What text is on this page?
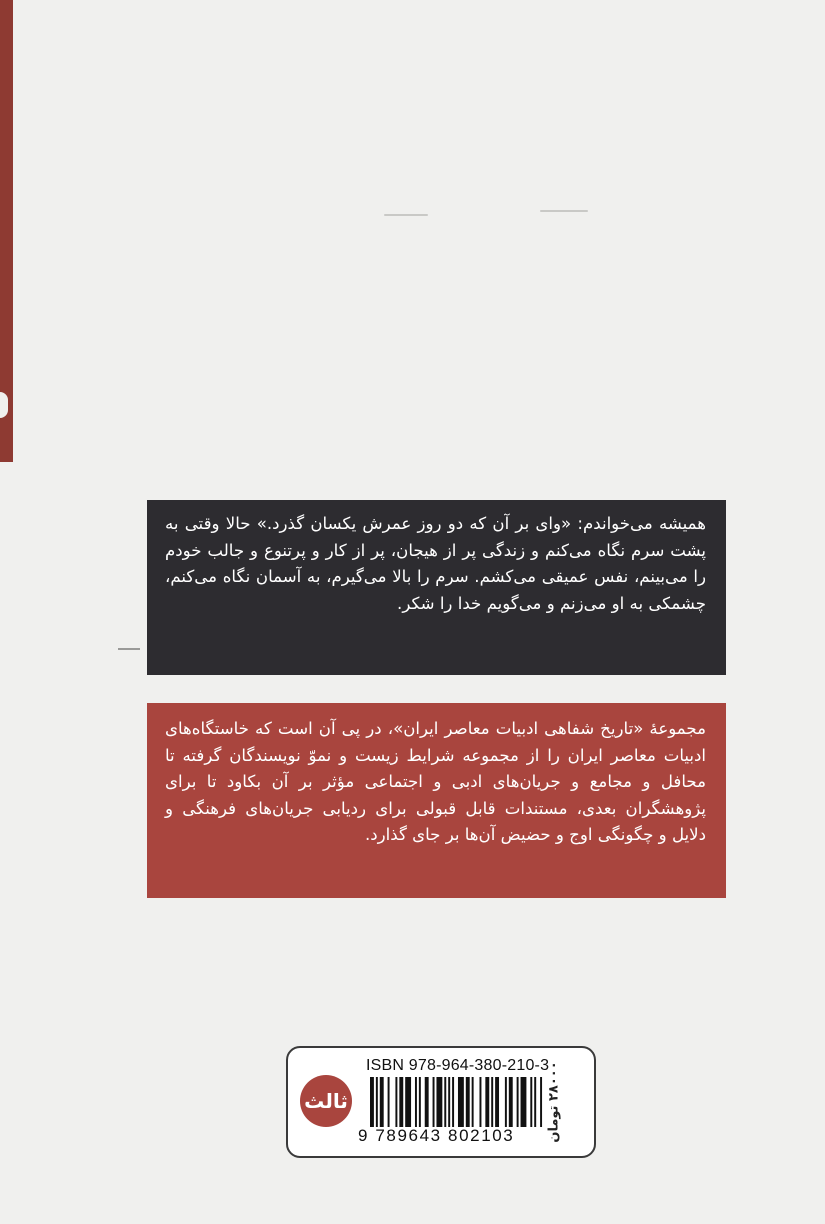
همیشه می‌خواندم: «وای بر آن که دو روز عمرش یکسان گذرد.» حالا وقتی به پشت سرم نگاه می‌کنم و زندگی پر از هیجان، پر از کار و پرتنوع و جالب خودم را می‌بینم، نفس عمیقی می‌کشم. سرم را بالا می‌گیرم، به آسمان نگاه می‌کنم، چشمکی به او می‌زنم و می‌گویم خدا را شکر.

مجموعهٔ «تاریخ شفاهی ادبیات معاصر ایران»، در پی آن است که خاستگاه‌های ادبیات معاصر ایران را از مجموعه شرایط زیست و نموّ نویسندگان گرفته تا محافل و مجامع و جریان‌های ادبی و اجتماعی مؤثر بر آن بکاود تا برای پژوهشگران بعدی، مستندات قابل قبولی برای ردیابی جریان‌های فرهنگی و دلایل و چگونگی اوج و حضیض آن‌ها بر جای گذارد.

ثالث
ISBN 978-964-380-210-3
9 789643 802103 ۲۸۰۰۰ تومان
